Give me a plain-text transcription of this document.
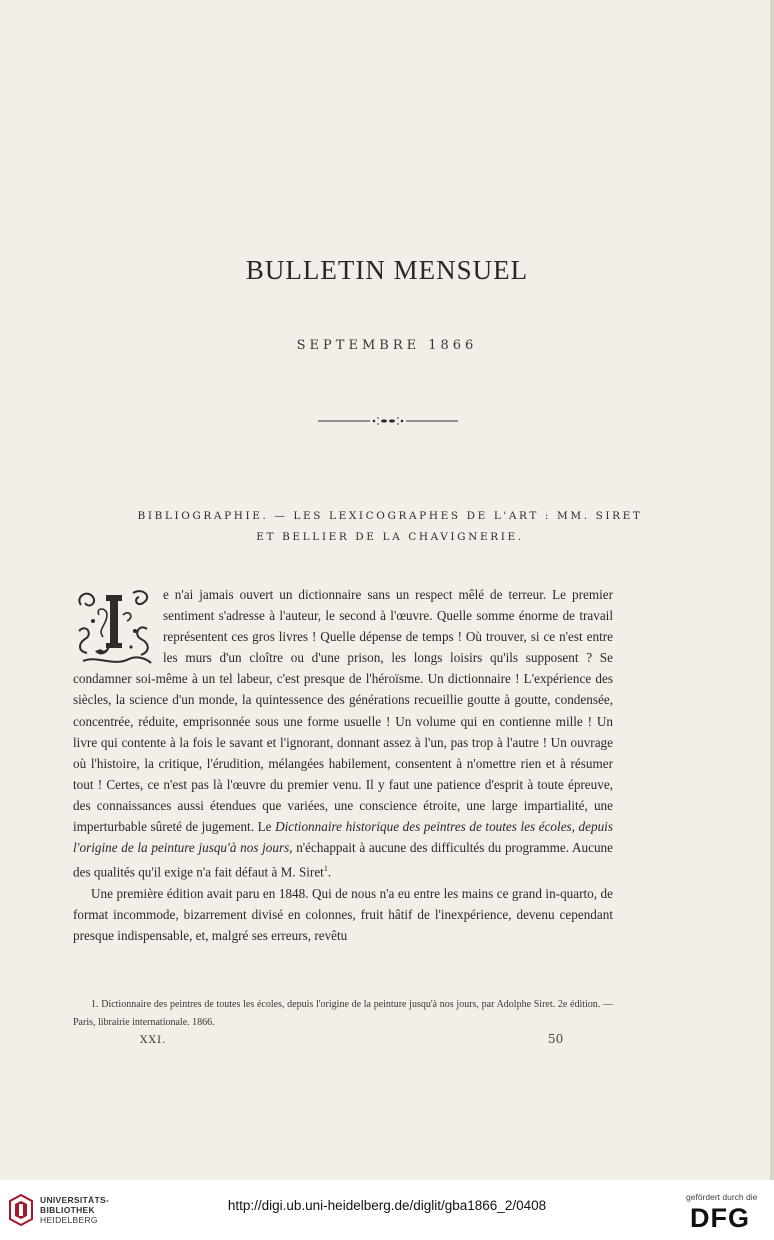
BULLETIN MENSUEL
SEPTEMBRE 1866
BIBLIOGRAPHIE. — LES LEXICOGRAPHES DE L'ART : MM. SIRET
ET BELLIER DE LA CHAVIGNERIE.

e n'ai jamais ouvert un dictionnaire sans un respect mêlé de terreur. Le premier sentiment s'adresse à l'auteur, le second à l'œuvre. Quelle somme énorme de travail représentent ces gros livres ! Quelle dépense de temps ! Où trouver, si ce n'est entre les murs d'un cloître ou d'une prison, les longs loisirs qu'ils supposent ? Se condamner soi-même à un tel labeur, c'est presque de l'héroïsme. Un dictionnaire ! L'expérience des siècles, la science d'un monde, la quintessence des générations recueillie goutte à goutte, condensée, concentrée, réduite, emprisonnée sous une forme usuelle ! Un volume qui en contienne mille ! Un livre qui contente à la fois le savant et l'ignorant, donnant assez à l'un, pas trop à l'autre ! Un ouvrage où l'histoire, la critique, l'érudition, mélangées habilement, consentent à n'omettre rien et à résumer tout ! Certes, ce n'est pas là l'œuvre du premier venu. Il y faut une patience d'esprit à toute épreuve, des connaissances aussi étendues que variées, une conscience étroite, une large impartialité, une imperturbable sûreté de jugement. Le Dictionnaire historique des peintres de toutes les écoles, depuis l'origine de la peinture jusqu'à nos jours, n'échappait à aucune des difficultés du programme. Aucune des qualités qu'il exige n'a fait défaut à M. Siret$^1$.

Une première édition avait paru en 1848. Qui de nous n'a eu entre les mains ce grand in-quarto, de format incommode, bizarrement divisé en colonnes, fruit hâtif de l'inexpérience, devenu cependant presque indispensable, et, malgré ses erreurs, revêtu

1. Dictionnaire des peintres de toutes les écoles, depuis l'origine de la peinture jusqu'à nos jours, par Adolphe Siret. 2e édition. — Paris, librairie internationale. 1866.

XXI.	50
UNIVERSITÄTS-
BIBLIOTHEK
HEIDELBERG
http://digi.ub.uni-heidelberg.de/diglit/gba1866_2/0408
gefördert durch die
DFG
